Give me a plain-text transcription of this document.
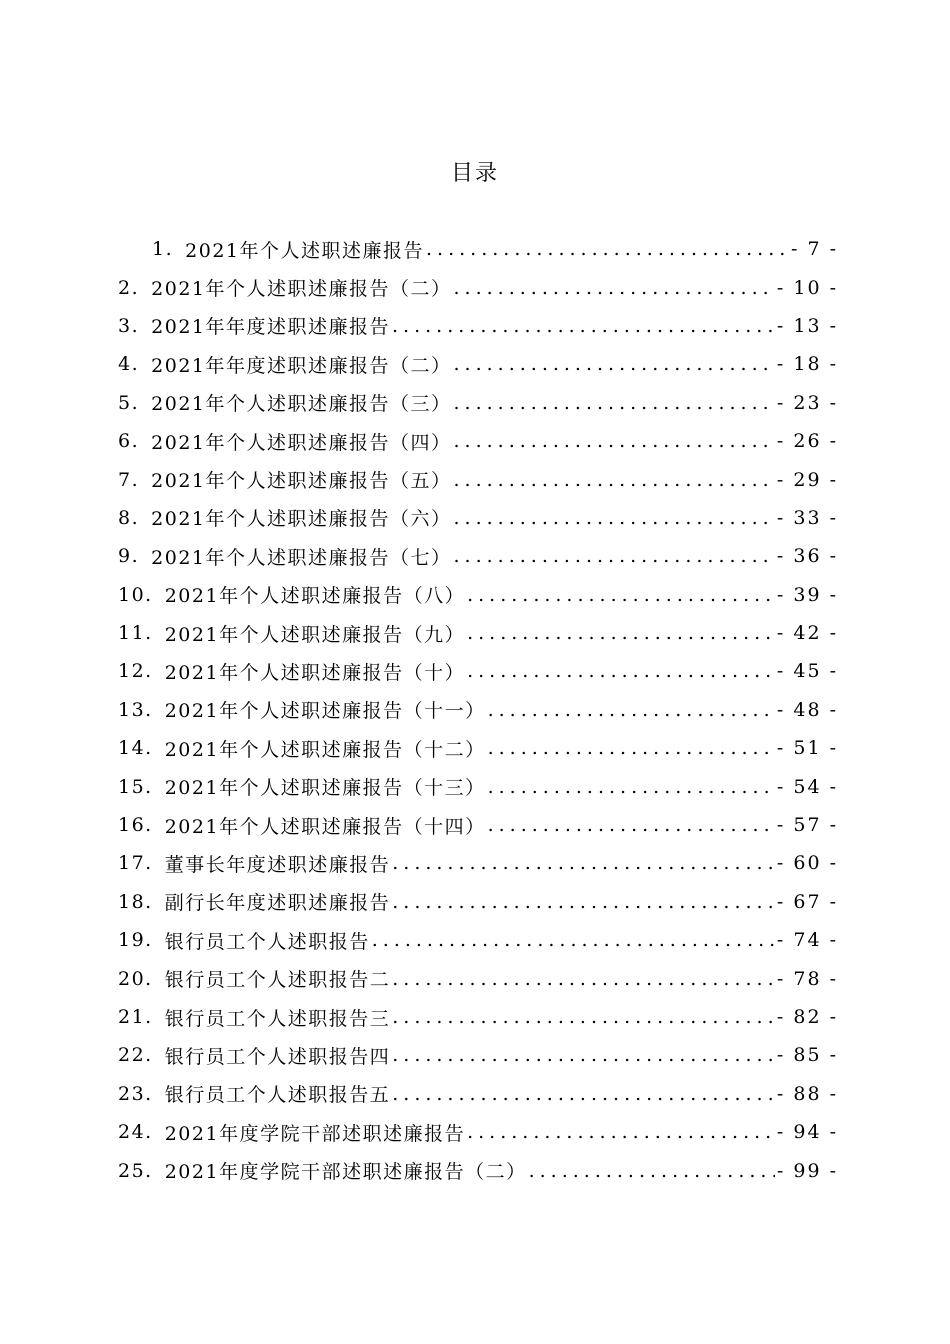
目录
1. 2021年个人述职述廉报告 .....	- 7 -
2. 2021年个人述职述廉报告（二） .....	- 10 -
3. 2021年年度述职述廉报告 .....	- 13 -
4. 2021年年度述职述廉报告（二） .....	- 18 -
5. 2021年个人述职述廉报告（三） .....	- 23 -
6. 2021年个人述职述廉报告（四） .....	- 26 -
7. 2021年个人述职述廉报告（五） .....	- 29 -
8. 2021年个人述职述廉报告（六） .....	- 33 -
9. 2021年个人述职述廉报告（七） .....	- 36 -
10. 2021年个人述职述廉报告（八） .....	- 39 -
11. 2021年个人述职述廉报告（九） .....	- 42 -
12. 2021年个人述职述廉报告（十） .....	- 45 -
13. 2021年个人述职述廉报告（十一） .....	- 48 -
14. 2021年个人述职述廉报告（十二） .....	- 51 -
15. 2021年个人述职述廉报告（十三） .....	- 54 -
16. 2021年个人述职述廉报告（十四） .....	- 57 -
17. 董事长年度述职述廉报告 .....	- 60 -
18. 副行长年度述职述廉报告 .....	- 67 -
19. 银行员工个人述职报告 .....	- 74 -
20. 银行员工个人述职报告二 .....	- 78 -
21. 银行员工个人述职报告三 .....	- 82 -
22. 银行员工个人述职报告四 .....	- 85 -
23. 银行员工个人述职报告五 .....	- 88 -
24. 2021年度学院干部述职述廉报告 .....	- 94 -
25. 2021年度学院干部述职述廉报告（二） .....	- 99 -
